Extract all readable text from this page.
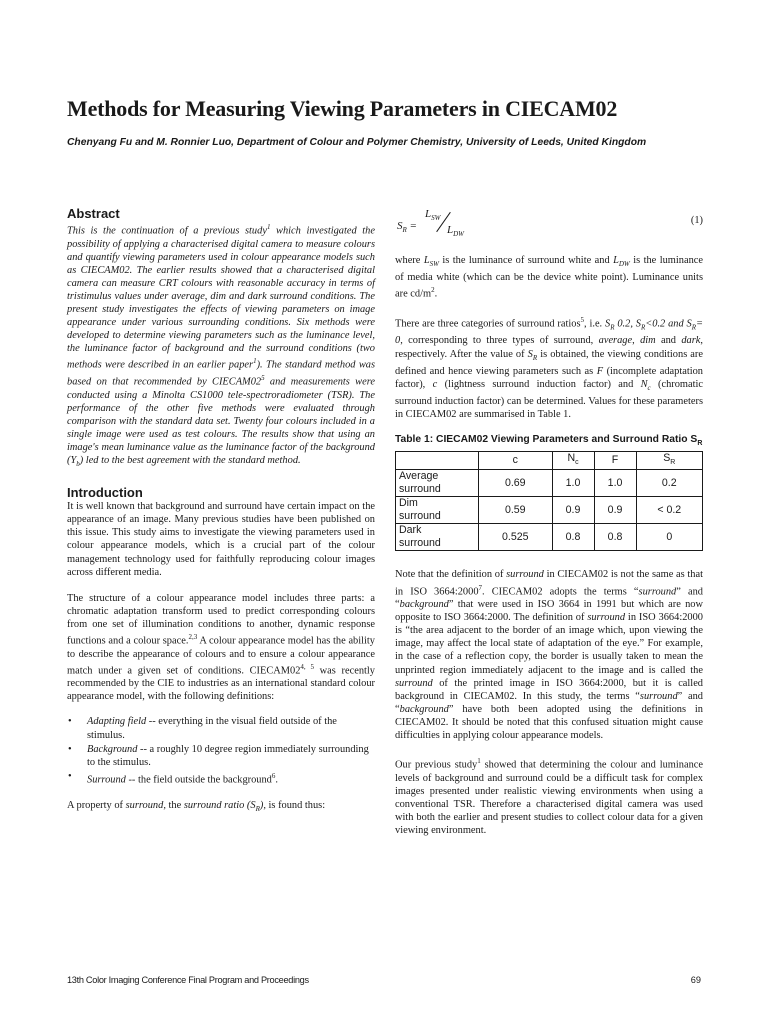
Methods for Measuring Viewing Parameters in CIECAM02

Chenyang Fu and M. Ronnier Luo, Department of Colour and Polymer Chemistry, University of Leeds, United Kingdom

Abstract

This is the continuation of a previous study$^1$ which investigated the possibility of applying a characterised digital camera to measure colours and quantify viewing parameters used in colour appearance models such as CIECAM02. The earlier results showed that a characterised digital camera can measure CRT colours with reasonable accuracy in terms of tristimulus values under average, dim and dark surround conditions. The present study investigates the effects of viewing parameters on image appearance under various surrounding conditions. Six methods were developed to determine viewing parameters such as the luminance level, the luminance factor of background and the surround conditions (two methods were described in an earlier paper$^1$). The standard method was based on that recommended by $CIECAM02^5$ and measurements were conducted using a Minolta CS1000 tele-spectroradiometer (TSR). The performance of the other five methods were evaluated through comparison with the standard data set. Twenty four colours included in a single image were used as test colours. The results show that using an image's mean luminance value as the luminance factor of the background $(Y_b)$ led to the best agreement with the standard method.

Introduction

It is well known that background and surround have certain impact on the appearance of an image. Many previous studies have been published on this issue. This study aims to investigate the viewing parameters used in colour appearance models, which is a crucial part of the colour management technology used for faithfully reproducing colour images across different media.

The structure of a colour appearance model includes three parts: a chromatic adaptation transform used to predict corresponding colours from one set of illumination conditions to another, dynamic response functions and a colour space.$^{2,3}$ A colour appearance model has the ability to describe the appearance of colours and to ensure a colour appearance match under a given set of conditions. CIECAM02$^{4, 5}$ was recently recommended by the CIE to industries as an international standard colour appearance model, with the following definitions:

• Adapting field -- everything in the visual field outside of the stimulus.
• Background -- a roughly 10 degree region immediately surrounding to the stimulus.
• Surround -- the field outside the background$^6$.

A property of surround, the surround ratio $(S_R)$, is found thus:

$S_R$ =
$L_{SW}$
$L_{DW}$
(1)

where $L_{SW}$ is the luminance of surround white and $L_{DW}$ is the luminance of media white (which can be the device white point). Luminance units are $cd/m^2$.

There are three categories of surround ratios$^5$, i.e. $S_R$ 0.2, $S_R<0.2$ and $S_R= 0$, corresponding to three types of surround, average, dim and dark, respectively. After the value of $S_R$ is obtained, the viewing conditions are defined and hence viewing parameters such as F (incomplete adaptation factor), c (lightness surround induction factor) and $N_c$ (chromatic surround induction factor) can be determined. Values for these parameters in CIECAM02 are summarised in Table 1.

Table 1: CIECAM02 Viewing Parameters and Surround Ratio $S_R$
	c	$N_c$	F	$S_R$
Average
surround	0.69	1.0	1.0	0.2
Dim
surround	0.59	0.9	0.9	< 0.2
Dark
surround	0.525	0.8	0.8	0

Note that the definition of surround in CIECAM02 is not the same as that in ISO 3664:2000$^7$. CIECAM02 adopts the terms “surround” and “background” that were used in ISO 3664 in 1991 but which are now opposite to ISO 3664:2000. The definition of surround in ISO 3664:2000 is “the area adjacent to the border of an image which, upon viewing the image, may affect the local state of adaptation of the eye.” For example, in the case of a reflection copy, the border is usually taken to mean the unprinted region immediately adjacent to the image and is called the surround of the printed image in ISO 3664:2000, but it is called background in CIECAM02. In this study, the terms “surround” and “background” have both been adopted using the definitions in CIECAM02. It should be noted that this confused situation might cause difficulties in applying colour appearance models.

Our previous study$^1$ showed that determining the colour and luminance levels of background and surround could be a difficult task for complex images presented under realistic viewing environments when using a conventional TSR. Therefore a characterised digital camera was used with both the earlier and present studies to collect colour data for a given viewing environment.

13th Color Imaging Conference Final Program and Proceedings	69
